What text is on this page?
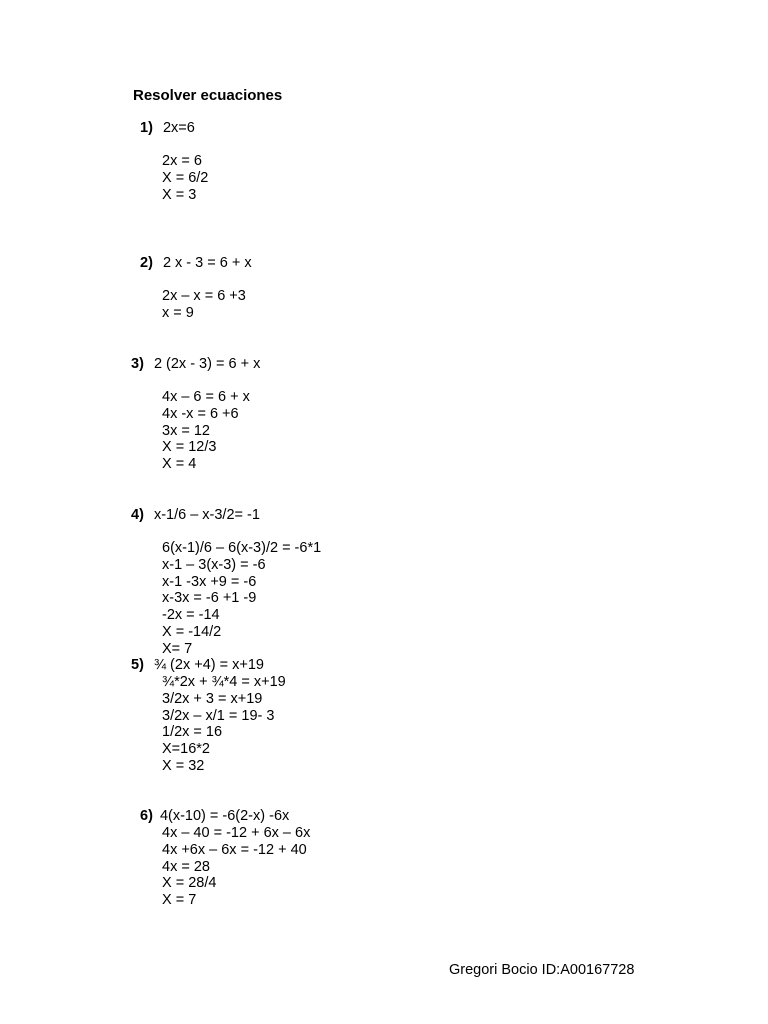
Resolver ecuaciones
1) 2x=6
2x = 6
X = 6/2
X = 3
2) 2 x - 3 = 6 + x
2x – x = 6 +3
x = 9
3) 2 (2x - 3) = 6 + x
4x – 6 = 6 + x
4x -x = 6 +6
3x = 12
X = 12/3
X = 4
4) x-1/6 – x-3/2= -1
6(x-1)/6 – 6(x-3)/2 = -6*1
x-1 – 3(x-3) = -6
x-1 -3x +9 = -6
x-3x = -6 +1 -9
-2x = -14
X = -14/2
X= 7
5) ¾ (2x +4) = x+19
¾*2x + ¾*4 = x+19
3/2x + 3 = x+19
3/2x – x/1 = 19- 3
1/2x = 16
X=16*2
X = 32
6) 4(x-10) = -6(2-x) -6x
4x – 40 = -12 + 6x – 6x
4x +6x – 6x = -12 + 40
4x = 28
X = 28/4
X = 7
Gregori Bocio ID:A00167728
